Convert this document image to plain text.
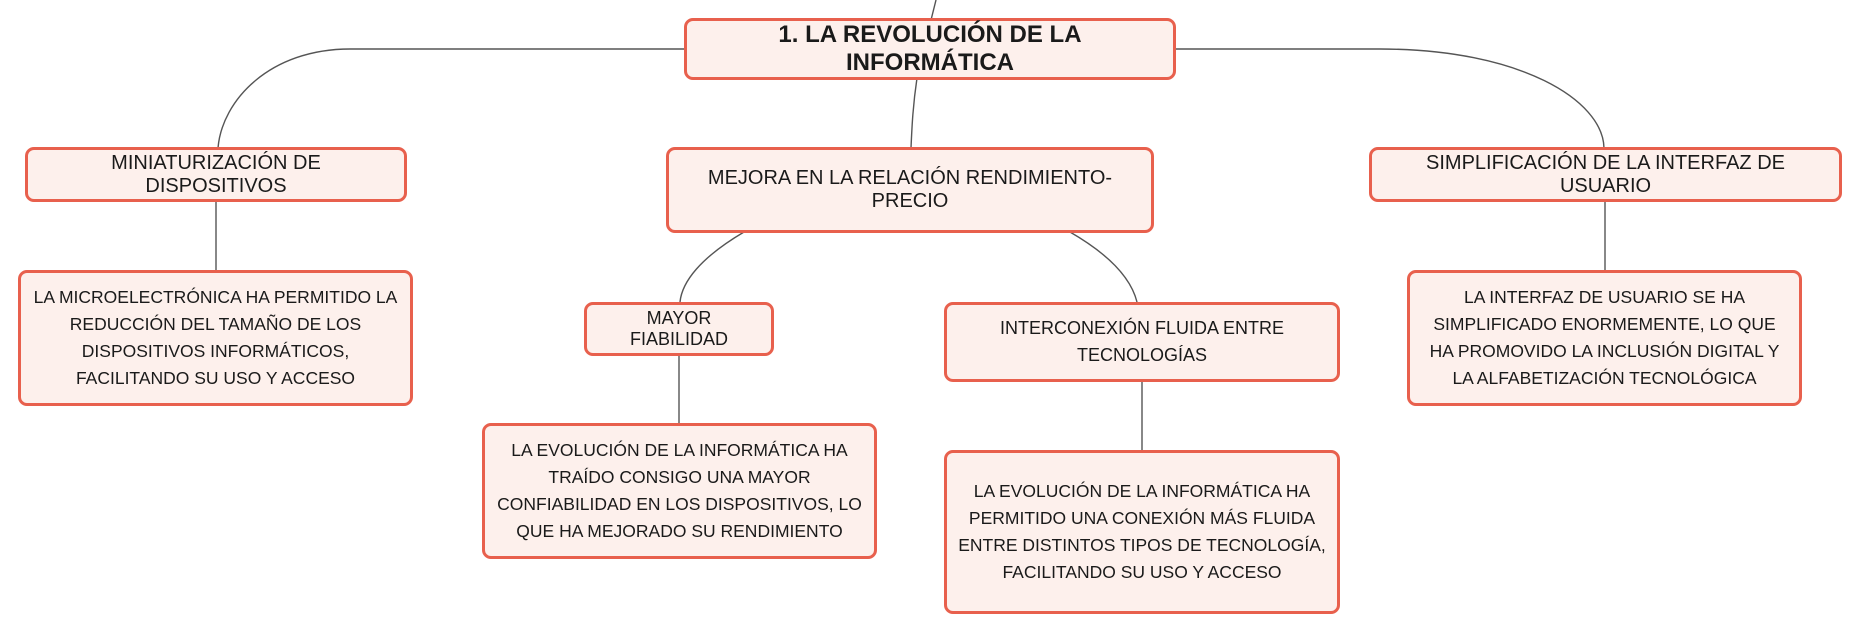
1. LA REVOLUCIÓN DE LA INFORMÁTICA
MINIATURIZACIÓN DE DISPOSITIVOS	MEJORA EN LA RELACIÓN RENDIMIENTO-PRECIO
SIMPLIFICACIÓN DE LA INTERFAZ DE USUARIO
LA MICROELECTRÓNICA HA PERMITIDO LA REDUCCIÓN DEL TAMAÑO DE LOS DISPOSITIVOS INFORMÁTICOS, FACILITANDO SU USO Y ACCESO
LA INTERFAZ DE USUARIO SE HA SIMPLIFICADO ENORMEMENTE, LO QUE HA PROMOVIDO LA INCLUSIÓN DIGITAL Y LA ALFABETIZACIÓN TECNOLÓGICA
MAYOR FIABILIDAD
INTERCONEXIÓN FLUIDA ENTRE TECNOLOGÍAS
LA EVOLUCIÓN DE LA INFORMÁTICA HA TRAÍDO CONSIGO UNA MAYOR CONFIABILIDAD EN LOS DISPOSITIVOS, LO QUE HA MEJORADO SU RENDIMIENTO
LA EVOLUCIÓN DE LA INFORMÁTICA HA PERMITIDO UNA CONEXIÓN MÁS FLUIDA ENTRE DISTINTOS TIPOS DE TECNOLOGÍA, FACILITANDO SU USO Y ACCESO
